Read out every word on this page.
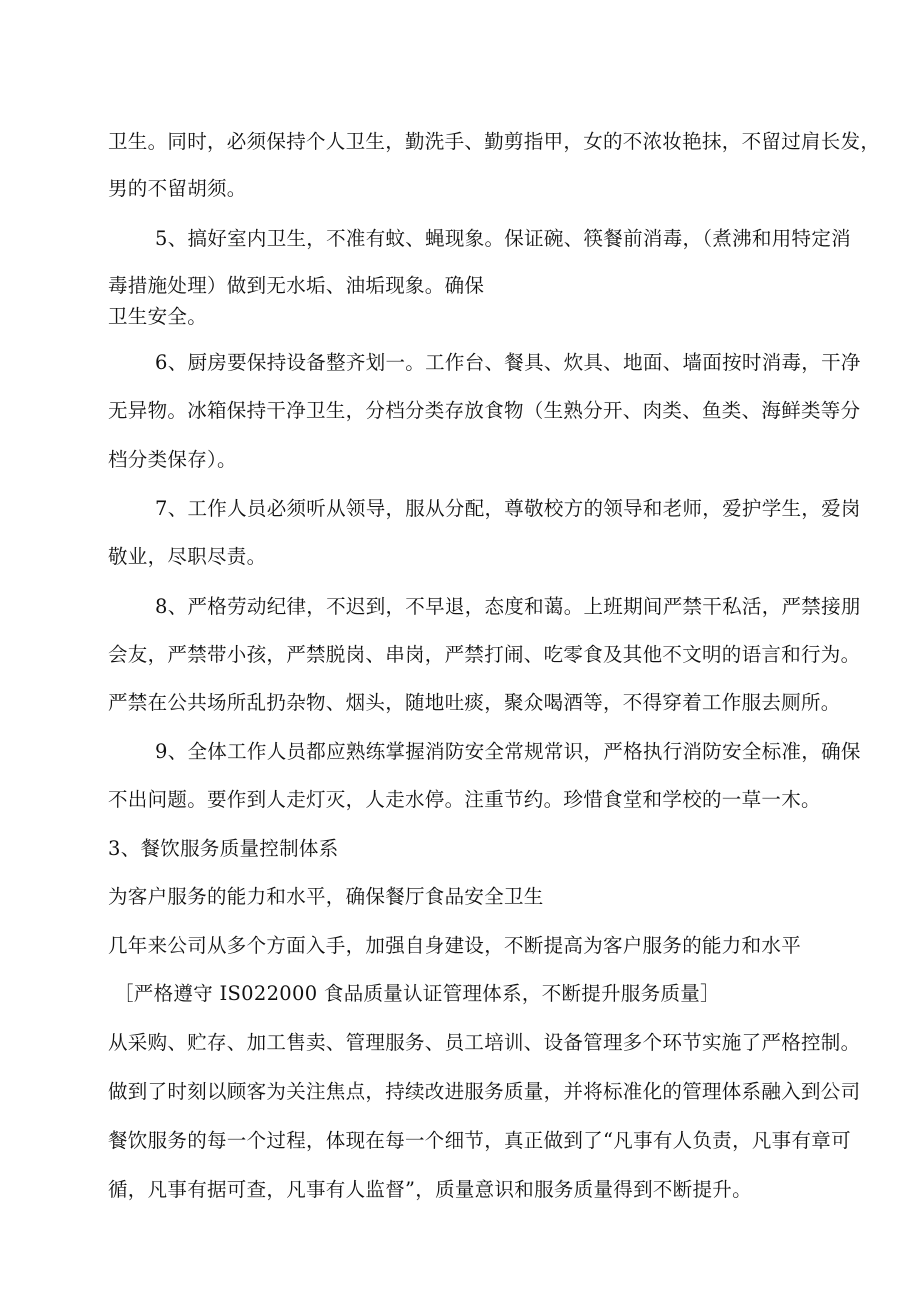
卫生。同时，必须保持个人卫生，勤洗手、勤剪指甲，女的不浓妆艳抹，不留过肩长发，

男的不留胡须。

5、搞好室内卫生，不准有蚊、蝇现象。保证碗、筷餐前消毒，（煮沸和用特定消

毒措施处理）做到无水垢、油垢现象。确保

卫生安全。

6、厨房要保持设备整齐划一。工作台、餐具、炊具、地面、墙面按时消毒，干净

无异物。冰箱保持干净卫生，分档分类存放食物（生熟分开、肉类、鱼类、海鲜类等分

档分类保存）。

7、工作人员必须听从领导，服从分配，尊敬校方的领导和老师，爱护学生，爱岗

敬业，尽职尽责。

8、严格劳动纪律，不迟到，不早退，态度和蔼。上班期间严禁干私活，严禁接朋

会友，严禁带小孩，严禁脱岗、串岗，严禁打闹、吃零食及其他不文明的语言和行为。

严禁在公共场所乱扔杂物、烟头，随地吐痰，聚众喝酒等，不得穿着工作服去厕所。

9、全体工作人员都应熟练掌握消防安全常规常识，严格执行消防安全标准，确保

不出问题。要作到人走灯灭，人走水停。注重节约。珍惜食堂和学校的一草一木。

3、餐饮服务质量控制体系

为客户服务的能力和水平，确保餐厅食品安全卫生

几年来公司从多个方面入手，加强自身建设，不断提高为客户服务的能力和水平

［严格遵守 IS022000 食品质量认证管理体系，不断提升服务质量］

从采购、贮存、加工售卖、管理服务、员工培训、设备管理多个环节实施了严格控制。

做到了时刻以顾客为关注焦点，持续改进服务质量，并将标准化的管理体系融入到公司

餐饮服务的每一个过程，体现在每一个细节，真正做到了“凡事有人负责，凡事有章可

循，凡事有据可查，凡事有人监督”，质量意识和服务质量得到不断提升。
